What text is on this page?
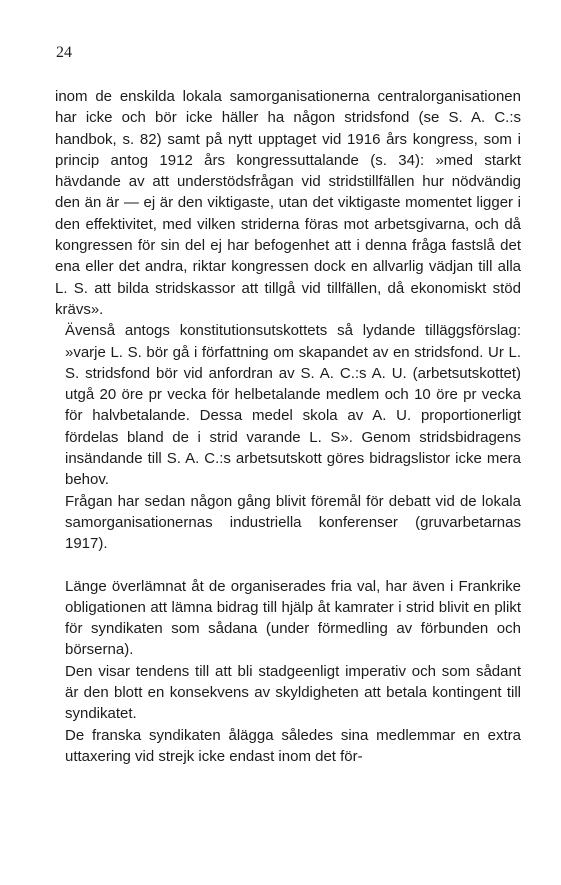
24

inom de enskilda lokala samorganisationerna centralorganisationen har icke och bör icke häller ha någon stridsfond (se S. A. C.:s handbok, s. 82) samt på nytt upptaget vid 1916 års kongress, som i princip antog 1912 års kongressuttalande (s. 34): »med starkt hävdande av att understödsfrågan vid stridstillfällen hur nödvändig den än är — ej är den viktigaste, utan det viktigaste momentet ligger i den effektivitet, med vilken striderna föras mot arbetsgivarna, och då kongressen för sin del ej har befogenhet att i denna fråga fastslå det ena eller det andra, riktar kongressen dock en allvarlig vädjan till alla L. S. att bilda stridskassor att tillgå vid tillfällen, då ekonomiskt stöd krävs».

Ävenså antogs konstitutionsutskottets så lydande tilläggsförslag: »varje L. S. bör gå i författning om skapandet av en stridsfond. Ur L. S. stridsfond bör vid anfordran av S. A. C.:s A. U. (arbetsutskottet) utgå 20 öre pr vecka för helbetalande medlem och 10 öre pr vecka för halvbetalande. Dessa medel skola av A. U. proportionerligt fördelas bland de i strid varande L. S». Genom stridsbidragens insändande till S. A. C.:s arbetsutskott göres bidragslistor icke mera behov.

Frågan har sedan någon gång blivit föremål för debatt vid de lokala samorganisationernas industriella konferenser (gruvarbetarnas 1917).

Länge överlämnat åt de organiserades fria val, har även i Frankrike obligationen att lämna bidrag till hjälp åt kamrater i strid blivit en plikt för syndikaten som sådana (under förmedling av förbunden och börserna).

Den visar tendens till att bli stadgeenligt imperativ och som sådant är den blott en konsekvens av skyldigheten att betala kontingent till syndikatet.

De franska syndikaten ålägga således sina medlemmar en extra uttaxering vid strejk icke endast inom det för-
